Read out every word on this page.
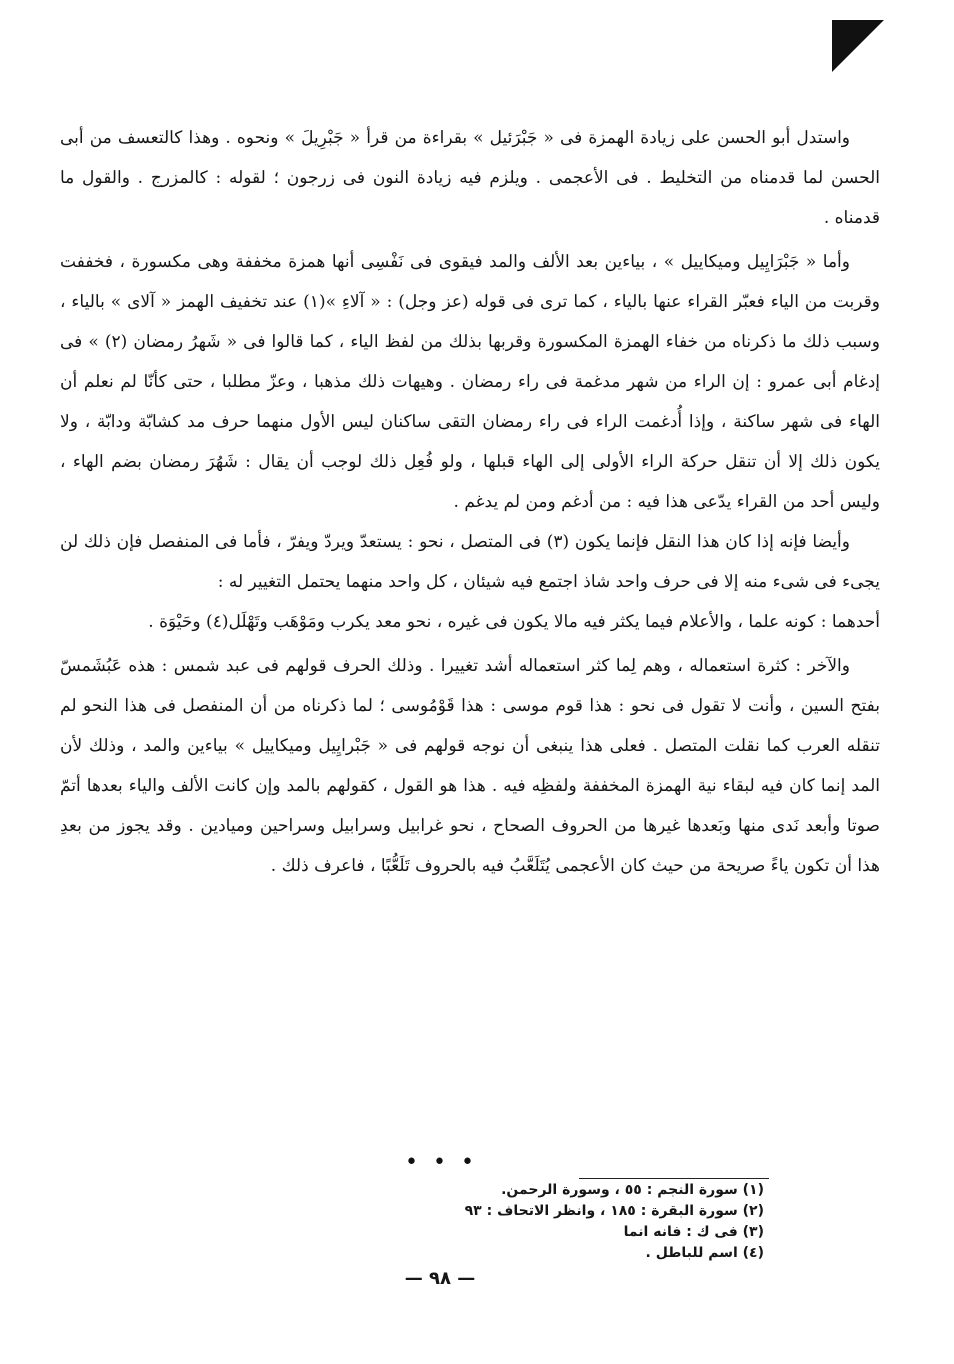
واستدل أبو الحسن على زيادة الهمزة فى « جَبْرَئيل » بقراءة من قرأ « جَبْرِيلَ » ونحوه . وهذا كالتعسف من أبى الحسن لما قدمناه من التخليط . فى الأعجمى . ويلزم فيه زيادة النون فى زرجون ؛ لقوله : كالمزرج . والقول ما قدمناه .

وأما « جَبْرَايِيل وميكاييل » ، بياءين بعد الألف والمد فيقوى فى نَفْسِى أنها همزة مخففة وهى مكسورة ، فخففت وقربت من الياء فعبّر القراء عنها بالياء ، كما ترى فى قوله (عز وجل) : « آلاءِ »(١) عند تخفيف الهمز « آلاى » بالياء ، وسبب ذلك ما ذكرناه من خفاء الهمزة المكسورة وقربها بذلك من لفظ الياء ، كما قالوا فى « شَهرُ رمضان (٢) » فى إدغام أبى عمرو : إن الراء من شهر مدغمة فى راء رمضان . وهيهات ذلك مذهبا ، وعزّ مطلبا ، حتى كأنّا لم نعلم أن الهاء فى شهر ساكنة ، وإذا أُدغمت الراء فى راء رمضان التقى ساكنان ليس الأول منهما حرف مد كشابّة ودابّة ، ولا يكون ذلك إلا أن تنقل حركة الراء الأولى إلى الهاء قبلها ، ولو فُعِل ذلك لوجب أن يقال : شَهُرَ رمضان بضم الهاء ، وليس أحد من القراء يدّعى هذا فيه : من أدغم ومن لم يدغم .

وأيضا فإنه إذا كان هذا النقل فإنما يكون (٣) فى المتصل ، نحو : يستعدّ ويردّ ويفرّ ، فأما فى المنفصل فإن ذلك لن يجىء فى شىء منه إلا فى حرف واحد شاذ اجتمع فيه شيئان ، كل واحد منهما يحتمل التغيير له :

أحدهما : كونه علما ، والأعلام فيما يكثر فيه مالا يكون فى غيره ، نحو معد يكرب ومَوْهَب وتَهْلَل(٤) وحَيْوَة .

والآخر : كثرة استعماله ، وهم لِما كثر استعماله أشد تغييرا . وذلك الحرف قولهم فى عبد شمس : هذه عَبُشَمسّ بفتح السين ، وأنت لا تقول فى نحو : هذا قوم موسى : هذا قَوْمُوسى ؛ لما ذكرناه من أن المنفصل فى هذا النحو لم تنقله العرب كما نقلت المتصل . فعلى هذا ينبغى أن نوجه قولهم فى « جَبْرايِيل وميكاييل » بياءين والمد ، وذلك لأن المد إنما كان فيه لبقاء نية الهمزة المخففة ولفظِه فيه . هذا هو القول ، كقولهم بالمد وإن كانت الألف والياء بعدها أتمّ صوتا وأبعد نَدى منها وبَعدها غيرها من الحروف الصحاح ، نحو غرابيل وسرابيل وسراحين وميادين . وقد يجوز من بعدِ هذا أن تكون ياءً صريحة من حيث كان الأعجمى يُتَلَعَّبُ فيه بالحروف تَلَعُّبًا ، فاعرف ذلك .

• • •

(١) سورة النجم : ٥٥ ، وسورة الرحمن.

(٢) سورة البقرة : ١٨٥ ، وانظر الاتحاف : ٩٣

(٣) فى ك : فانه انما

(٤) اسم للباطل .

— ٩٨ —
